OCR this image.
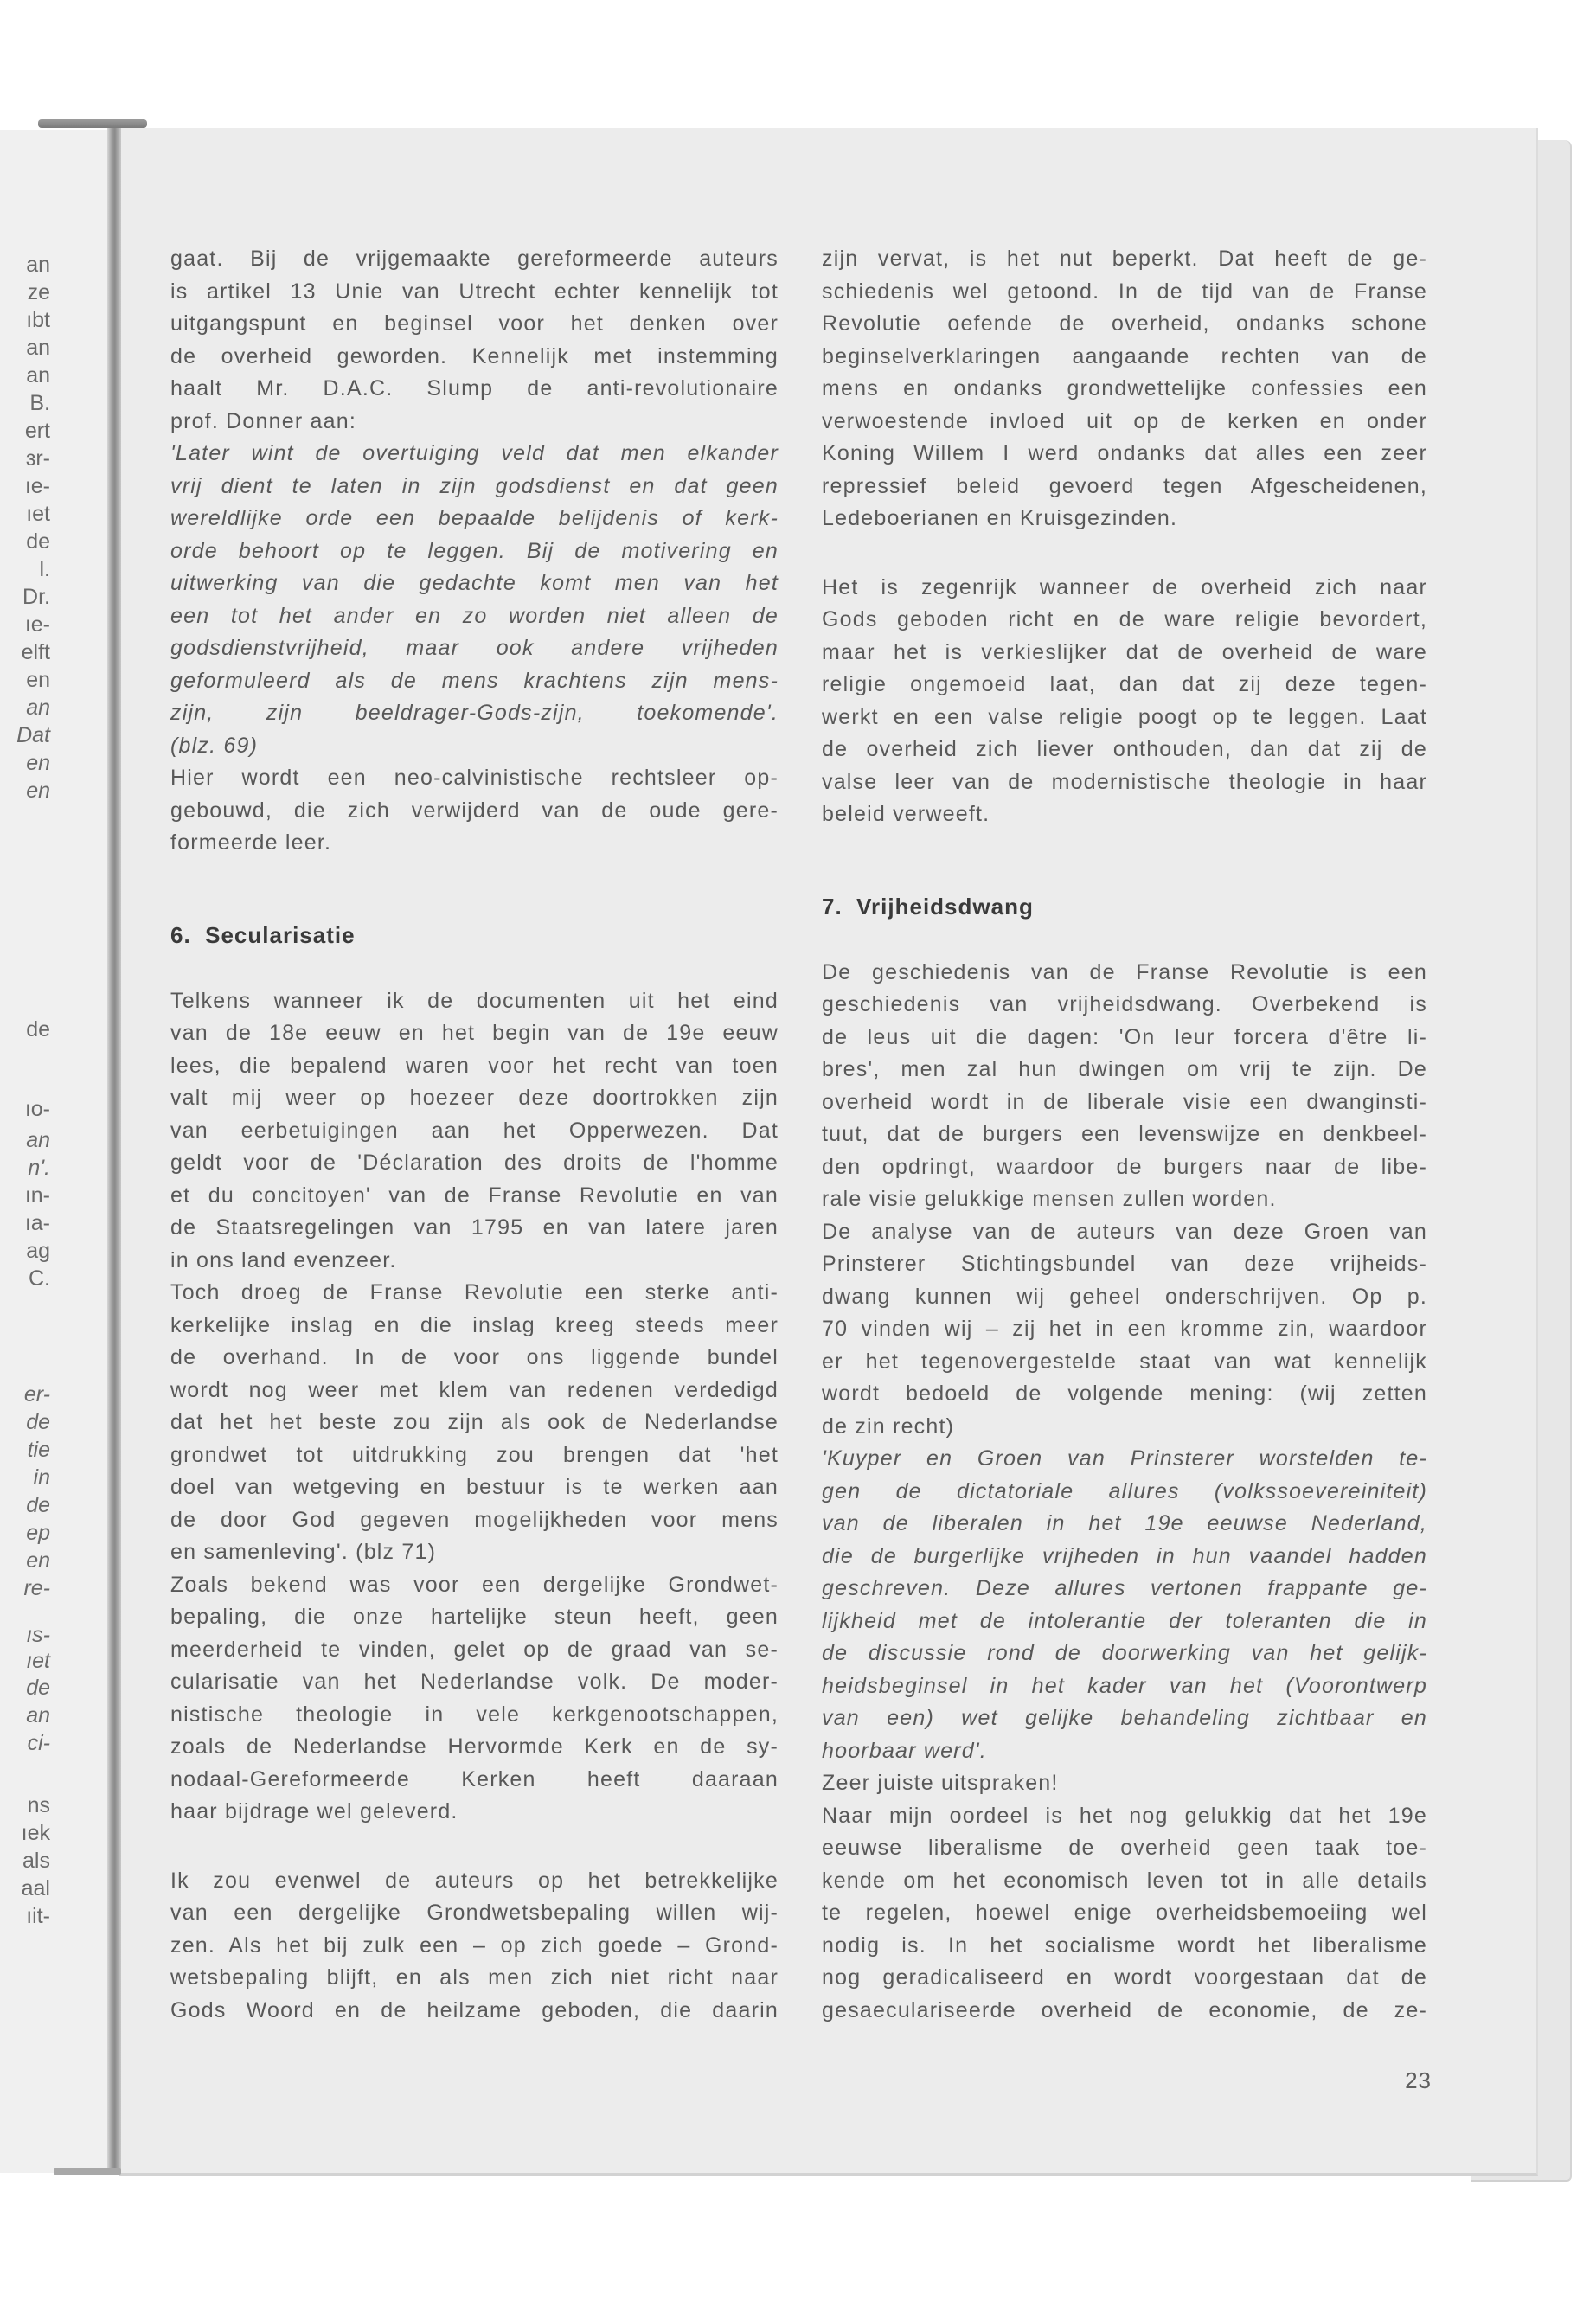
an
ze
ıbt
an
an
B.
ert
ɜr-
ıe-
ıet
de
l.
Dr.
ıe-
elft
en
an
Dat
en
en
de
ıo-
an
n'.
ın-
ıa-
ag
C.
er-
de
tie
in
de
ep
en
re-
ıs-
ıet
de
an
ci-
ns
ıek
als
aal
ıit-
gaat. Bij de vrijgemaakte gereformeerde auteurs
is artikel 13 Unie van Utrecht echter kennelijk tot
uitgangspunt en beginsel voor het denken over
de overheid geworden. Kennelijk met instemming
haalt Mr. D.A.C. Slump de anti-revolutionaire
prof. Donner aan:
'Later wint de overtuiging veld dat men elkander
vrij dient te laten in zijn godsdienst en dat geen
wereldlijke orde een bepaalde belijdenis of kerk-
orde behoort op te leggen. Bij de motivering en
uitwerking van die gedachte komt men van het
een tot het ander en zo worden niet alleen de
godsdienstvrijheid, maar ook andere vrijheden
geformuleerd als de mens krachtens zijn mens-
zijn, zijn beeldrager-Gods-zijn, toekomende'.
(blz. 69)
Hier wordt een neo-calvinistische rechtsleer op-
gebouwd, die zich verwijderd van de oude gere-
formeerde leer.
6.  Secularisatie
Telkens wanneer ik de documenten uit het eind
van de 18e eeuw en het begin van de 19e eeuw
lees, die bepalend waren voor het recht van toen
valt mij weer op hoezeer deze doortrokken zijn
van eerbetuigingen aan het Opperwezen. Dat
geldt voor de 'Déclaration des droits de l'homme
et du concitoyen' van de Franse Revolutie en van
de Staatsregelingen van 1795 en van latere jaren
in ons land evenzeer.
Toch droeg de Franse Revolutie een sterke anti-
kerkelijke inslag en die inslag kreeg steeds meer
de overhand. In de voor ons liggende bundel
wordt nog weer met klem van redenen verdedigd
dat het het beste zou zijn als ook de Nederlandse
grondwet tot uitdrukking zou brengen dat 'het
doel van wetgeving en bestuur is te werken aan
de door God gegeven mogelijkheden voor mens
en samenleving'. (blz 71)
Zoals bekend was voor een dergelijke Grondwet-
bepaling, die onze hartelijke steun heeft, geen
meerderheid te vinden, gelet op de graad van se-
cularisatie van het Nederlandse volk. De moder-
nistische theologie in vele kerkgenootschappen,
zoals de Nederlandse Hervormde Kerk en de sy-
nodaal-Gereformeerde Kerken heeft daaraan
haar bijdrage wel geleverd.
Ik zou evenwel de auteurs op het betrekkelijke
van een dergelijke Grondwetsbepaling willen wij-
zen. Als het bij zulk een – op zich goede – Grond-
wetsbepaling blijft, en als men zich niet richt naar
Gods Woord en de heilzame geboden, die daarin
zijn vervat, is het nut beperkt. Dat heeft de ge-
schiedenis wel getoond. In de tijd van de Franse
Revolutie oefende de overheid, ondanks schone
beginselverklaringen aangaande rechten van de
mens en ondanks grondwettelijke confessies een
verwoestende invloed uit op de kerken en onder
Koning Willem I werd ondanks dat alles een zeer
repressief beleid gevoerd tegen Afgescheidenen,
Ledeboerianen en Kruisgezinden.
Het is zegenrijk wanneer de overheid zich naar
Gods geboden richt en de ware religie bevordert,
maar het is verkieslijker dat de overheid de ware
religie ongemoeid laat, dan dat zij deze tegen-
werkt en een valse religie poogt op te leggen. Laat
de overheid zich liever onthouden, dan dat zij de
valse leer van de modernistische theologie in haar
beleid verweeft.
7.  Vrijheidsdwang
De geschiedenis van de Franse Revolutie is een
geschiedenis van vrijheidsdwang. Overbekend is
de leus uit die dagen: 'On leur forcera d'être li-
bres', men zal hun dwingen om vrij te zijn. De
overheid wordt in de liberale visie een dwanginsti-
tuut, dat de burgers een levenswijze en denkbeel-
den opdringt, waardoor de burgers naar de libe-
rale visie gelukkige mensen zullen worden.
De analyse van de auteurs van deze Groen van
Prinsterer Stichtingsbundel van deze vrijheids-
dwang kunnen wij geheel onderschrijven. Op p.
70 vinden wij – zij het in een kromme zin, waardoor
er het tegenovergestelde staat van wat kennelijk
wordt bedoeld de volgende mening: (wij zetten
de zin recht)
'Kuyper en Groen van Prinsterer worstelden te-
gen de dictatoriale allures (volkssoevereiniteit)
van de liberalen in het 19e eeuwse Nederland,
die de burgerlijke vrijheden in hun vaandel hadden
geschreven. Deze allures vertonen frappante ge-
lijkheid met de intolerantie der toleranten die in
de discussie rond de doorwerking van het gelijk-
heidsbeginsel in het kader van het (Voorontwerp
van een) wet gelijke behandeling zichtbaar en
hoorbaar werd'.
Zeer juiste uitspraken!
Naar mijn oordeel is het nog gelukkig dat het 19e
eeuwse liberalisme de overheid geen taak toe-
kende om het economisch leven tot in alle details
te regelen, hoewel enige overheidsbemoeiing wel
nodig is. In het socialisme wordt het liberalisme
nog geradicaliseerd en wordt voorgestaan dat de
gesaeculariseerde overheid de economie, de ze-
23
